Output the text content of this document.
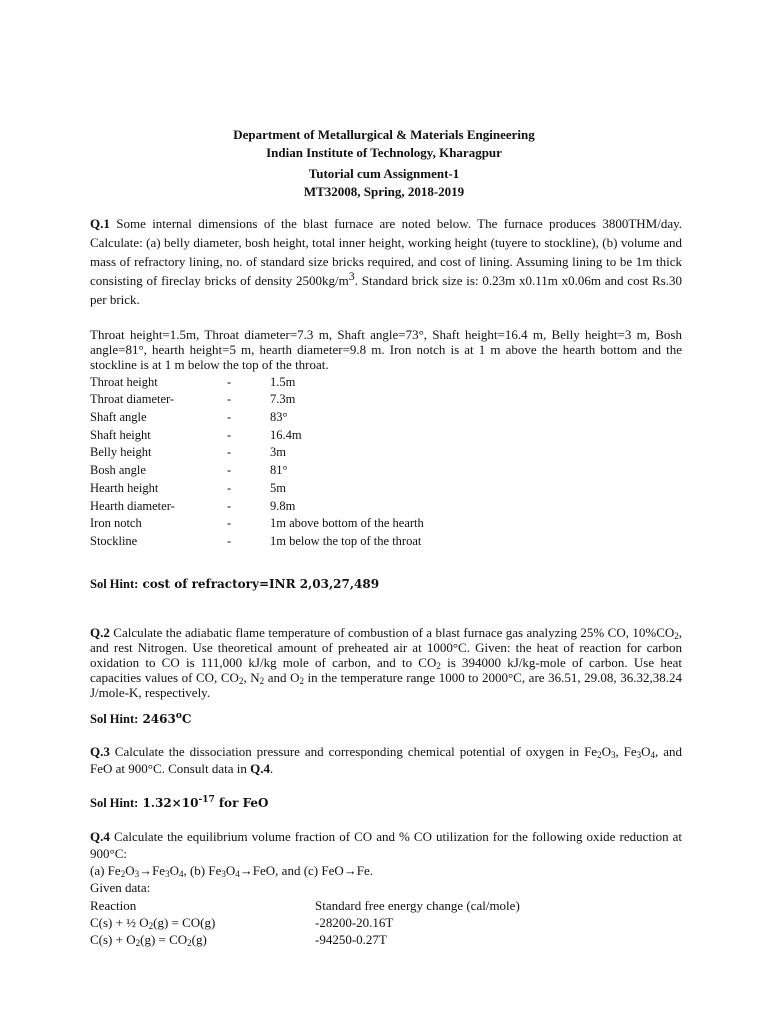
Department of Metallurgical & Materials Engineering
Indian Institute of Technology, Kharagpur
Tutorial cum Assignment-1
MT32008, Spring, 2018-2019

Q.1 Some internal dimensions of the blast furnace are noted below. The furnace produces 3800THM/day. Calculate: (a) belly diameter, bosh height, total inner height, working height (tuyere to stockline), (b) volume and mass of refractory lining, no. of standard size bricks required, and cost of lining. Assuming lining to be 1m thick consisting of fireclay bricks of density $2500kg/m^3$. Standard brick size is: 0.23m x0.11m x0.06m and cost Rs.30 per brick.

Throat height=1.5m, Throat diameter=7.3 m, Shaft angle=73°, Shaft height=16.4 m, Belly height=3 m, Bosh angle=81°, hearth height=5 m, hearth diameter=9.8 m. Iron notch is at 1 m above the hearth bottom and the stockline is at 1 m below the top of the throat.

Throat height	-	1.5m
Throat diameter-	-	7.3m
Shaft angle	-	83°
Shaft height	-	16.4m
Belly height	-	3m
Bosh angle	-	81°
Hearth height	-	5m
Hearth diameter-	-	9.8m
Iron notch	-	1m above bottom of the hearth
Stockline	-	1m below the top of the throat
Sol Hint: cost of refractory=INR 2,03,27,489

Q.2 Calculate the adiabatic flame temperature of combustion of a blast furnace gas analyzing 25% CO, $10\%CO_2$, and rest Nitrogen. Use theoretical amount of preheated air at 1000°C. Given: the heat of reaction for carbon oxidation to CO is 111,000 kJ/kg mole of carbon, and to $CO_2$ is 394000 kJ/kg-mole of carbon. Use heat capacities values of CO, $CO_2$, $N_2$ and $O_2$ in the temperature range 1000 to 2000°C, are 36.51, 29.08, 36.32,38.24 J/mole-K, respectively.

Sol Hint: 2463$^o$C

Q.3 Calculate the dissociation pressure and corresponding chemical potential of oxygen in $Fe_2O_3$, $Fe_3O_4$, and FeO at 900°C. Consult data in Q.4.

Sol Hint: $1.32\times 10^{-17}$ for FeO

Q.4 Calculate the equilibrium volume fraction of CO and % CO utilization for the following oxide reduction at 900°C:
(a) $Fe_2O_3\to Fe_3O_4$, (b) $Fe_3O_4\to FeO$, and (c) FeO→Fe.
Given data:

Reaction	Standard free energy change (cal/mole)
C(s) + ½ $O_2(g) = CO(g)$	-28200-20.16T
$C(s) + O_2(g) = CO_2(g)$	-94250-0.27T
